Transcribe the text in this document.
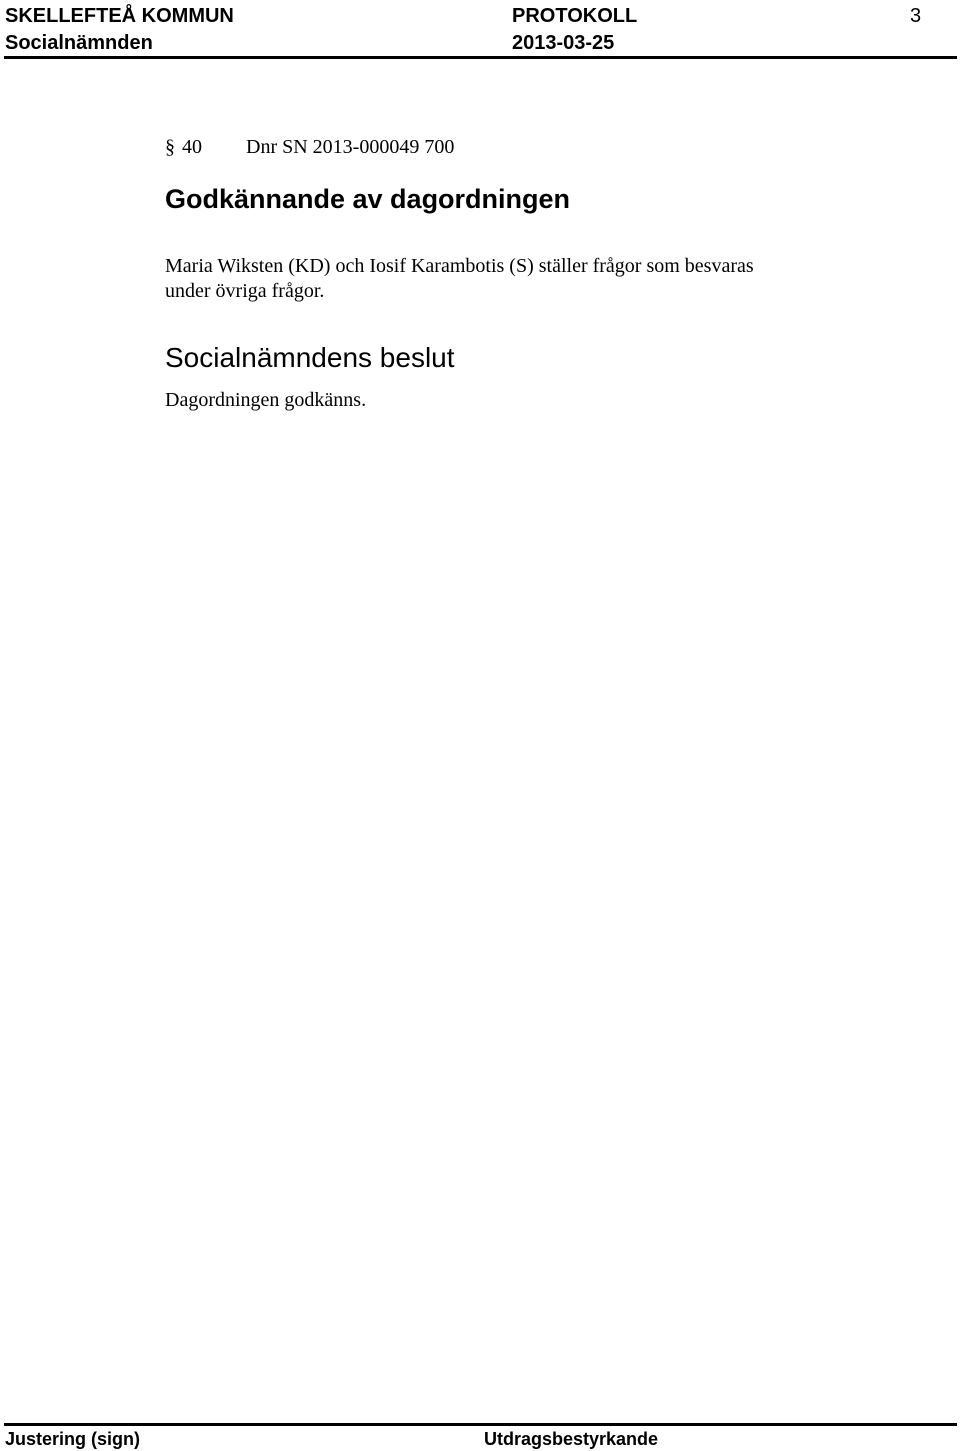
SKELLEFTEÅ KOMMUN	PROTOKOLL	3
Socialnämnden	2013-03-25
§ 40 Dnr SN 2013-000049 700
Godkännande av dagordningen
Maria Wiksten (KD) och Iosif Karambotis (S) ställer frågor som besvaras
under övriga frågor.
Socialnämndens beslut
Dagordningen godkänns.
Justering (sign)	Utdragsbestyrkande
